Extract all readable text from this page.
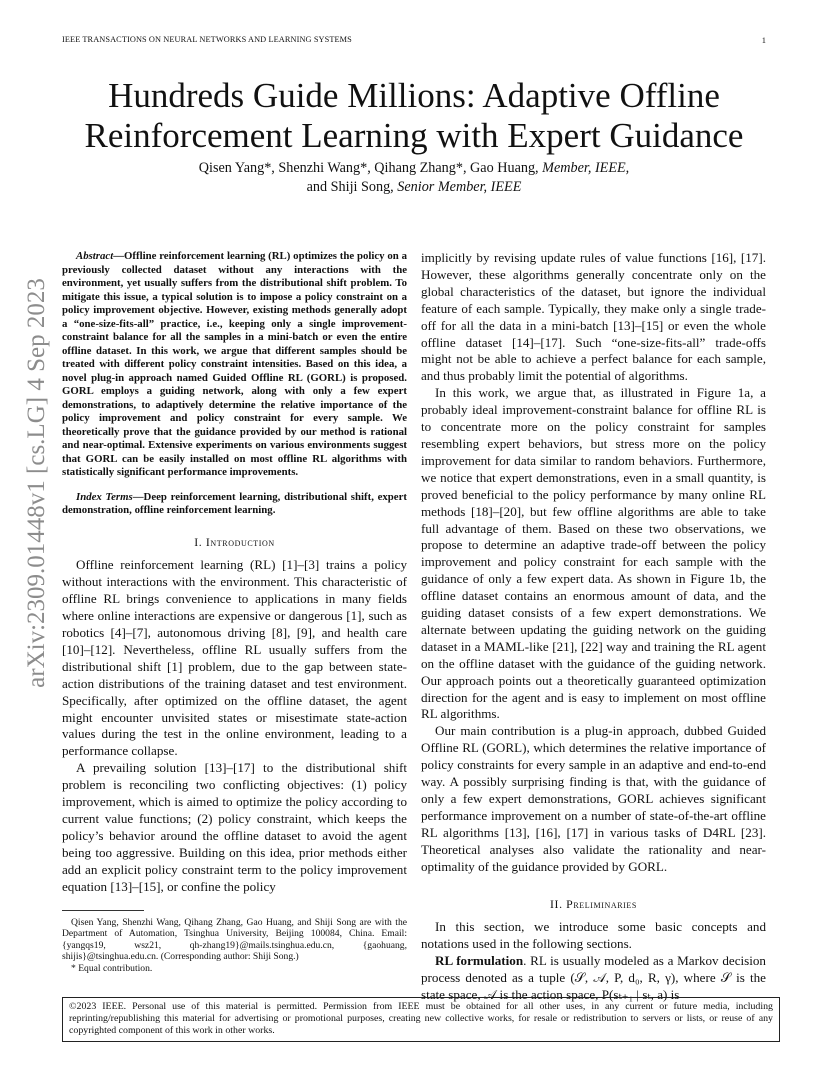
IEEE TRANSACTIONS ON NEURAL NETWORKS AND LEARNING SYSTEMS	1
arXiv:2309.01448v1 [cs.LG] 4 Sep 2023
Hundreds Guide Millions: Adaptive Offline Reinforcement Learning with Expert Guidance
Qisen Yang*, Shenzhi Wang*, Qihang Zhang*, Gao Huang, Member, IEEE,
and Shiji Song, Senior Member, IEEE

Abstract—Offline reinforcement learning (RL) optimizes the policy on a previously collected dataset without any interactions with the environment, yet usually suffers from the distributional shift problem. To mitigate this issue, a typical solution is to impose a policy constraint on a policy improvement objective. However, existing methods generally adopt a “one-size-fits-all” practice, i.e., keeping only a single improvement-constraint balance for all the samples in a mini-batch or even the entire offline dataset. In this work, we argue that different samples should be treated with different policy constraint intensities. Based on this idea, a novel plug-in approach named Guided Offline RL (GORL) is proposed. GORL employs a guiding network, along with only a few expert demonstrations, to adaptively determine the relative importance of the policy improvement and policy constraint for every sample. We theoretically prove that the guidance provided by our method is rational and near-optimal. Extensive experiments on various environments suggest that GORL can be easily installed on most offline RL algorithms with statistically significant performance improvements.

Index Terms—Deep reinforcement learning, distributional shift, expert demonstration, offline reinforcement learning.

I. Introduction

Offline reinforcement learning (RL) [1]–[3] trains a policy without interactions with the environment. This characteristic of offline RL brings convenience to applications in many fields where online interactions are expensive or dangerous [1], such as robotics [4]–[7], autonomous driving [8], [9], and health care [10]–[12]. Nevertheless, offline RL usually suffers from the distributional shift [1] problem, due to the gap between state-action distributions of the training dataset and test environment. Specifically, after optimized on the offline dataset, the agent might encounter unvisited states or misestimate state-action values during the test in the online environment, leading to a performance collapse.

A prevailing solution [13]–[17] to the distributional shift problem is reconciling two conflicting objectives: (1) policy improvement, which is aimed to optimize the policy according to current value functions; (2) policy constraint, which keeps the policy’s behavior around the offline dataset to avoid the agent being too aggressive. Building on this idea, prior methods either add an explicit policy constraint term to the policy improvement equation [13]–[15], or confine the policy

Qisen Yang, Shenzhi Wang, Qihang Zhang, Gao Huang, and Shiji Song are with the Department of Automation, Tsinghua University, Beijing 100084, China. Email: {yangqs19, wsz21, qh-zhang19}@mails.tsinghua.edu.cn, {gaohuang, shijis}@tsinghua.edu.cn. (Corresponding author: Shiji Song.)

* Equal contribution.

implicitly by revising update rules of value functions [16], [17]. However, these algorithms generally concentrate only on the global characteristics of the dataset, but ignore the individual feature of each sample. Typically, they make only a single trade-off for all the data in a mini-batch [13]–[15] or even the whole offline dataset [14]–[17]. Such “one-size-fits-all” trade-offs might not be able to achieve a perfect balance for each sample, and thus probably limit the potential of algorithms.

In this work, we argue that, as illustrated in Figure 1a, a probably ideal improvement-constraint balance for offline RL is to concentrate more on the policy constraint for samples resembling expert behaviors, but stress more on the policy improvement for data similar to random behaviors. Furthermore, we notice that expert demonstrations, even in a small quantity, is proved beneficial to the policy performance by many online RL methods [18]–[20], but few offline algorithms are able to take full advantage of them. Based on these two observations, we propose to determine an adaptive trade-off between the policy improvement and policy constraint for each sample with the guidance of only a few expert data. As shown in Figure 1b, the offline dataset contains an enormous amount of data, and the guiding dataset consists of a few expert demonstrations. We alternate between updating the guiding network on the guiding dataset in a MAML-like [21], [22] way and training the RL agent on the offline dataset with the guidance of the guiding network. Our approach points out a theoretically guaranteed optimization direction for the agent and is easy to implement on most offline RL algorithms.

Our main contribution is a plug-in approach, dubbed Guided Offline RL (GORL), which determines the relative importance of policy constraints for every sample in an adaptive and end-to-end way. A possibly surprising finding is that, with the guidance of only a few expert demonstrations, GORL achieves significant performance improvement on a number of state-of-the-art offline RL algorithms [13], [16], [17] in various tasks of D4RL [23]. Theoretical analyses also validate the rationality and near-optimality of the guidance provided by GORL.

II. Preliminaries

In this section, we introduce some basic concepts and notations used in the following sections.

RL formulation. RL is usually modeled as a Markov decision process denoted as a tuple (𝒮, 𝒜, P, d₀, R, γ), where 𝒮 is the state space, 𝒜 is the action space, P(sₜ₊₁ | sₜ, a) is

©2023 IEEE. Personal use of this material is permitted. Permission from IEEE must be obtained for all other uses, in any current or future media, including reprinting/republishing this material for advertising or promotional purposes, creating new collective works, for resale or redistribution to servers or lists, or reuse of any copyrighted component of this work in other works.
